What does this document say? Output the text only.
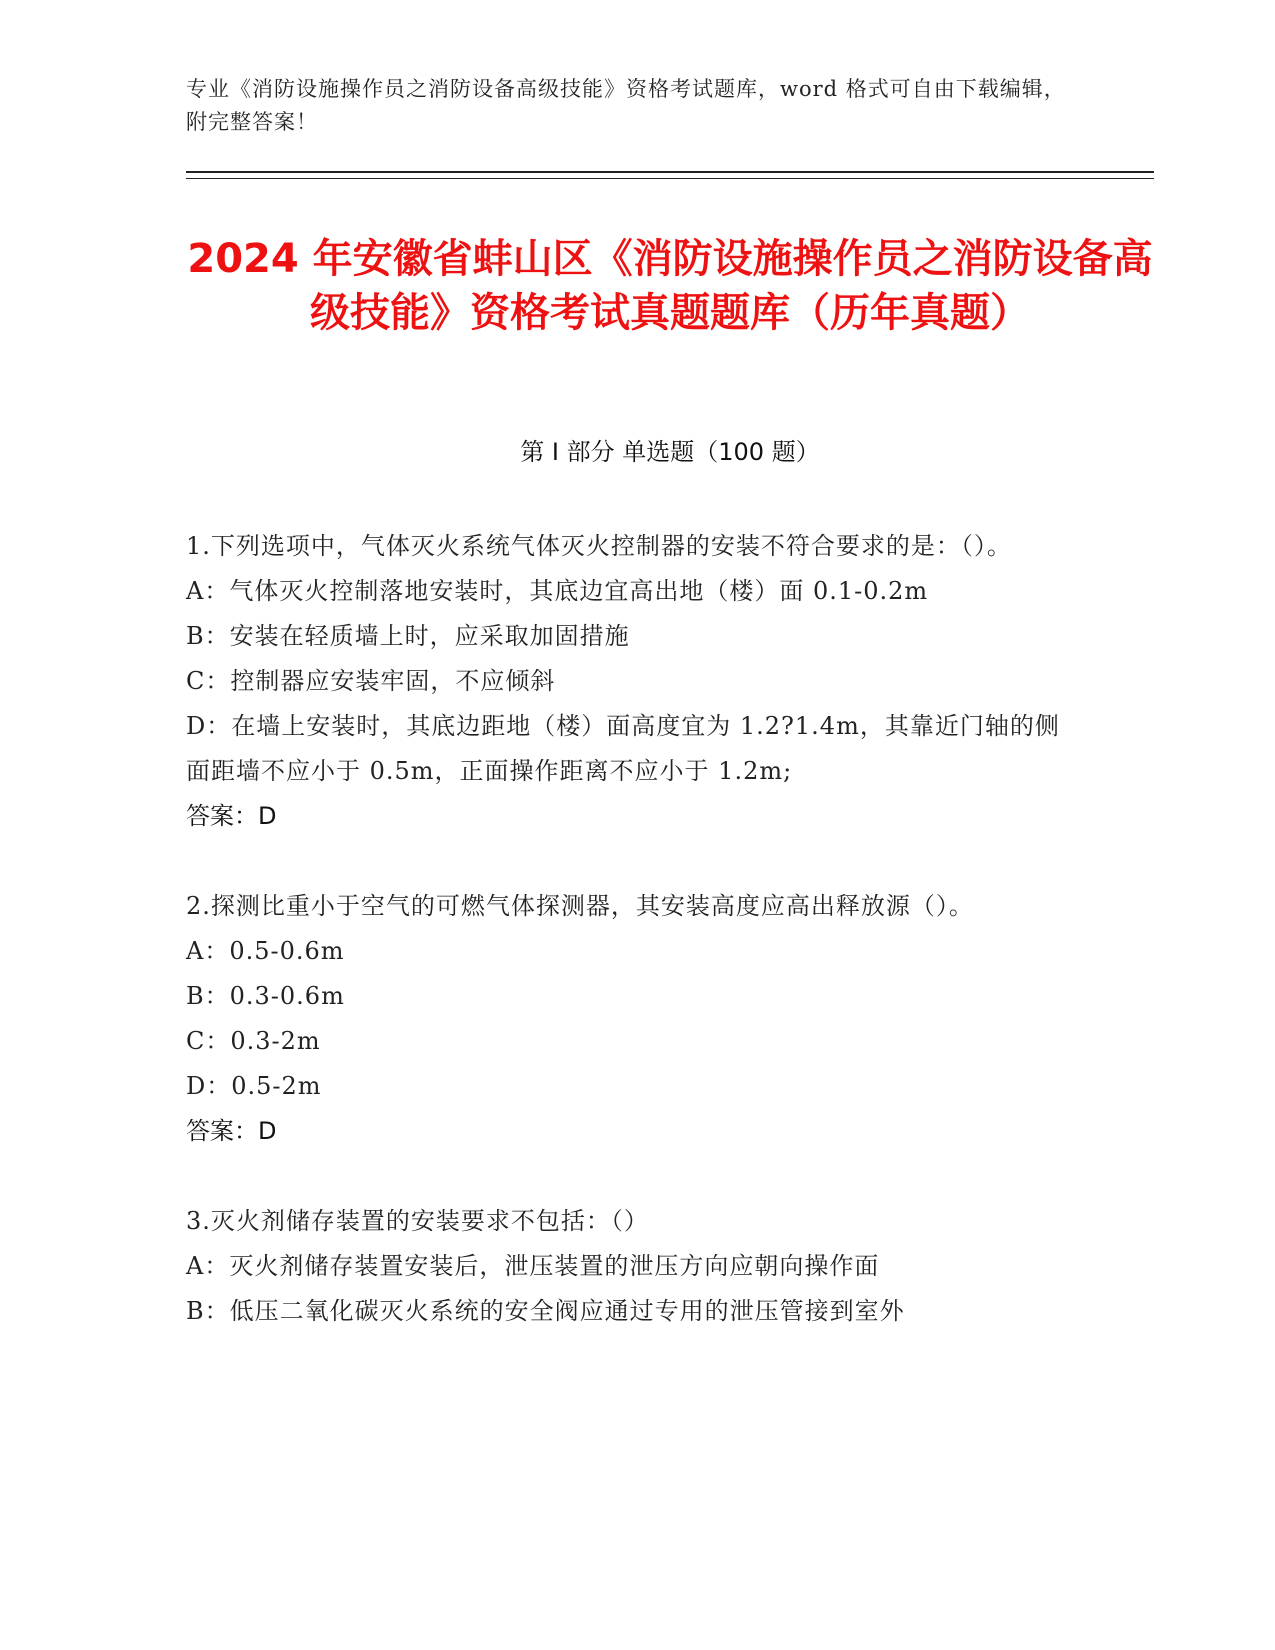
专业《消防设施操作员之消防设备高级技能》资格考试题库，word 格式可自由下载编辑，附完整答案！
2024 年安徽省蚌山区《消防设施操作员之消防设备高级技能》资格考试真题题库（历年真题）
第 I 部分 单选题（100 题）
1.下列选项中，气体灭火系统气体灭火控制器的安装不符合要求的是：（）。
A：气体灭火控制落地安装时，其底边宜高出地（楼）面 0.1-0.2m
B：安装在轻质墙上时，应采取加固措施
C：控制器应安装牢固，不应倾斜
D：在墙上安装时，其底边距地（楼）面高度宜为 1.2?1.4m，其靠近门轴的侧面距墙不应小于 0.5m，正面操作距离不应小于 1.2m;
答案：D
2.探测比重小于空气的可燃气体探测器，其安装高度应高出释放源（）。
A：0.5-0.6m
B：0.3-0.6m
C：0.3-2m
D：0.5-2m
答案：D
3.灭火剂储存装置的安装要求不包括：（）
A：灭火剂储存装置安装后，泄压装置的泄压方向应朝向操作面
B：低压二氧化碳灭火系统的安全阀应通过专用的泄压管接到室外
